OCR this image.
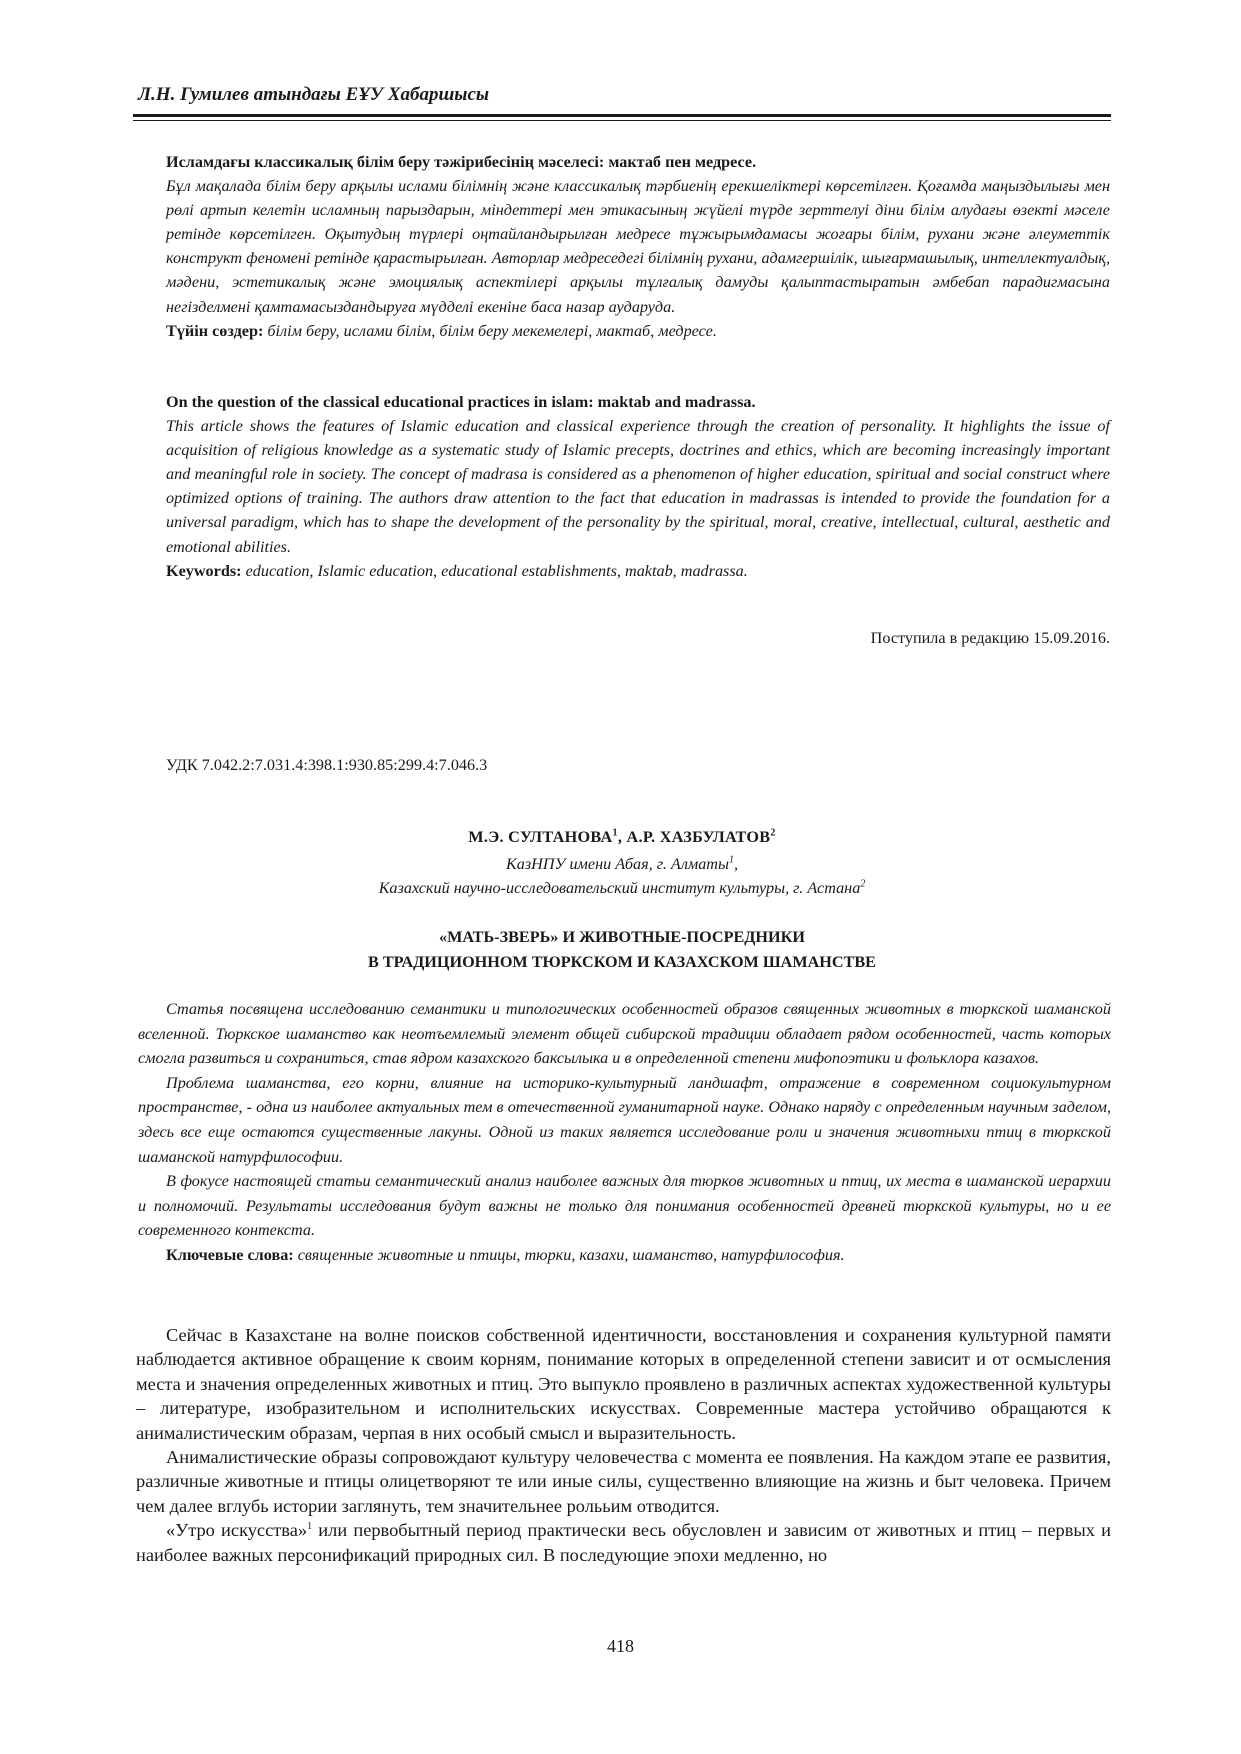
Л.Н. Гумилев атындағы ЕҰУ Хабаршысы

Исламдағы классикалық білім беру тәжірибесінің мәселесі: мактаб пен медресе.

Бұл мақалада білім беру арқылы ислами білімнің және классикалық тәрбиенің ерекшеліктері көрсетілген. Қоғамда маңыздылығы мен рөлі артып келетін исламның парыздарын, міндеттері мен этикасының жүйелі түрде зерттелуі діни білім алудағы өзекті мәселе ретінде көрсетілген. Оқытудың түрлері оңтайландырылған медресе тұжырымдамасы жоғары білім, рухани және әлеуметтік конструкт феномені ретінде қарастырылған. Авторлар медреседегі білімнің рухани, адамгершілік, шығармашылық, интеллектуалдық, мәдени, эстетикалық және эмоциялық аспектілері арқылы тұлғалық дамуды қалыптастыратын әмбебап парадигмасына негізделмені қамтамасыздандыруға мүдделі екеніне баса назар аударуда.

Түйін сөздер: білім беру, ислами білім, білім беру мекемелері, мактаб, медресе.

On the question of the classical educational practices in islam: maktab and madrassa.

This article shows the features of Islamic education and classical experience through the creation of personality. It highlights the issue of acquisition of religious knowledge as a systematic study of Islamic precepts, doctrines and ethics, which are becoming increasingly important and meaningful role in society. The concept of madrasa is considered as a phenomenon of higher education, spiritual and social construct where optimized options of training. The authors draw attention to the fact that education in madrassas is intended to provide the foundation for a universal paradigm, which has to shape the development of the personality by the spiritual, moral, creative, intellectual, cultural, aesthetic and emotional abilities.

Keywords: education, Islamic education, educational establishments, maktab, madrassa.

Поступила в редакцию 15.09.2016.
УДК 7.042.2:7.031.4:398.1:930.85:299.4:7.046.3
М.Э. СУЛТАНОВА$^1$, А.Р. ХАЗБУЛАТОВ$^2$
КазНПУ имени Абая, г. Алматы$^1$,
Казахский научно-исследовательский институт культуры, г. Астана$^2$
«МАТЬ-ЗВЕРЬ» И ЖИВОТНЫЕ-ПОСРЕДНИКИ
В ТРАДИЦИОННОМ ТЮРКСКОМ И КАЗАХСКОМ ШАМАНСТВЕ

Статья посвящена исследованию семантики и типологических особенностей образов священных животных в тюркской шаманской вселенной. Тюркское шаманство как неотъемлемый элемент общей сибирской традиции обладает рядом особенностей, часть которых смогла развиться и сохраниться, став ядром казахского баксылыка и в определенной степени мифопоэтики и фольклора казахов.

Проблема шаманства, его корни, влияние на историко-культурный ландшафт, отражение в современном социокультурном пространстве, - одна из наиболее актуальных тем в отечественной гуманитарной науке. Однако наряду с определенным научным заделом, здесь все еще остаются существенные лакуны. Одной из таких является исследование роли и значения животныхи птиц в тюркской шаманской натурфилософии.

В фокусе настоящей статьи семантический анализ наиболее важных для тюрков животных и птиц, их места в шаманской иерархии и полномочий. Результаты исследования будут важны не только для понимания особенностей древней тюркской культуры, но и ее современного контекста.

Ключевые слова: священные животные и птицы, тюрки, казахи, шаманство, натурфилософия.

Сейчас в Казахстане на волне поисков собственной идентичности, восстановления и сохранения культурной памяти наблюдается активное обращение к своим корням, понимание которых в определенной степени зависит и от осмысления места и значения определенных животных и птиц. Это выпукло проявлено в различных аспектах художественной культуры – литературе, изобразительном и исполнительских искусствах. Современные мастера устойчиво обращаются к анималистическим образам, черпая в них особый смысл и выразительность.

Анималистические образы сопровождают культуру человечества с момента ее появления. На каждом этапе ее развития, различные животные и птицы олицетворяют те или иные силы, существенно влияющие на жизнь и быт человека. Причем чем далее вглубь истории заглянуть, тем значительнее ролььим отводится.

«Утро искусства»$^1$ или первобытный период практически весь обусловлен и зависим от животных и птиц – первых и наиболее важных персонификаций природных сил. В последующие эпохи медленно, но

418
